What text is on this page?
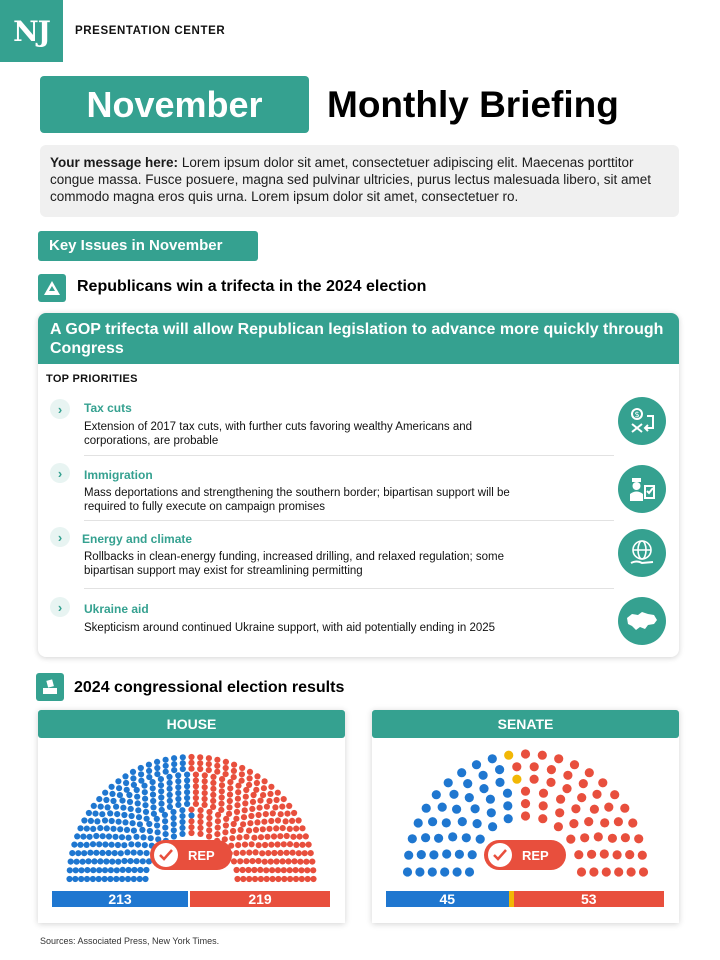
NJ	PRESENTATION CENTER
November Monthly Briefing
Your message here: Lorem ipsum dolor sit amet, consectetuer adipiscing elit. Maecenas porttitor congue massa. Fusce posuere, magna sed pulvinar ultricies, purus lectus malesuada libero, sit amet commodo magna eros quis urna. Lorem ipsum dolor sit amet, consectetuer ro.
Key Issues in November
Republicans win a trifecta in the 2024 election
A GOP trifecta will allow Republican legislation to advance more quickly through Congress
TOP PRIORITIES
›	Tax cuts
Extension of 2017 tax cuts, with further cuts favoring wealthy Americans and corporations, are probable
$
›	Immigration
Mass deportations and strengthening the southern border; bipartisan support will be required to fully execute on campaign promises
›	Energy and climate
Rollbacks in clean-energy funding, increased drilling, and relaxed regulation; some bipartisan support may exist for streamlining permitting
›	Ukraine aid
Skepticism around continued Ukraine support, with aid potentially ending in 2025
2024 congressional election results
HOUSE
REP
213	219
SENATE
REP
45	53
Sources: Associated Press, New York Times.
